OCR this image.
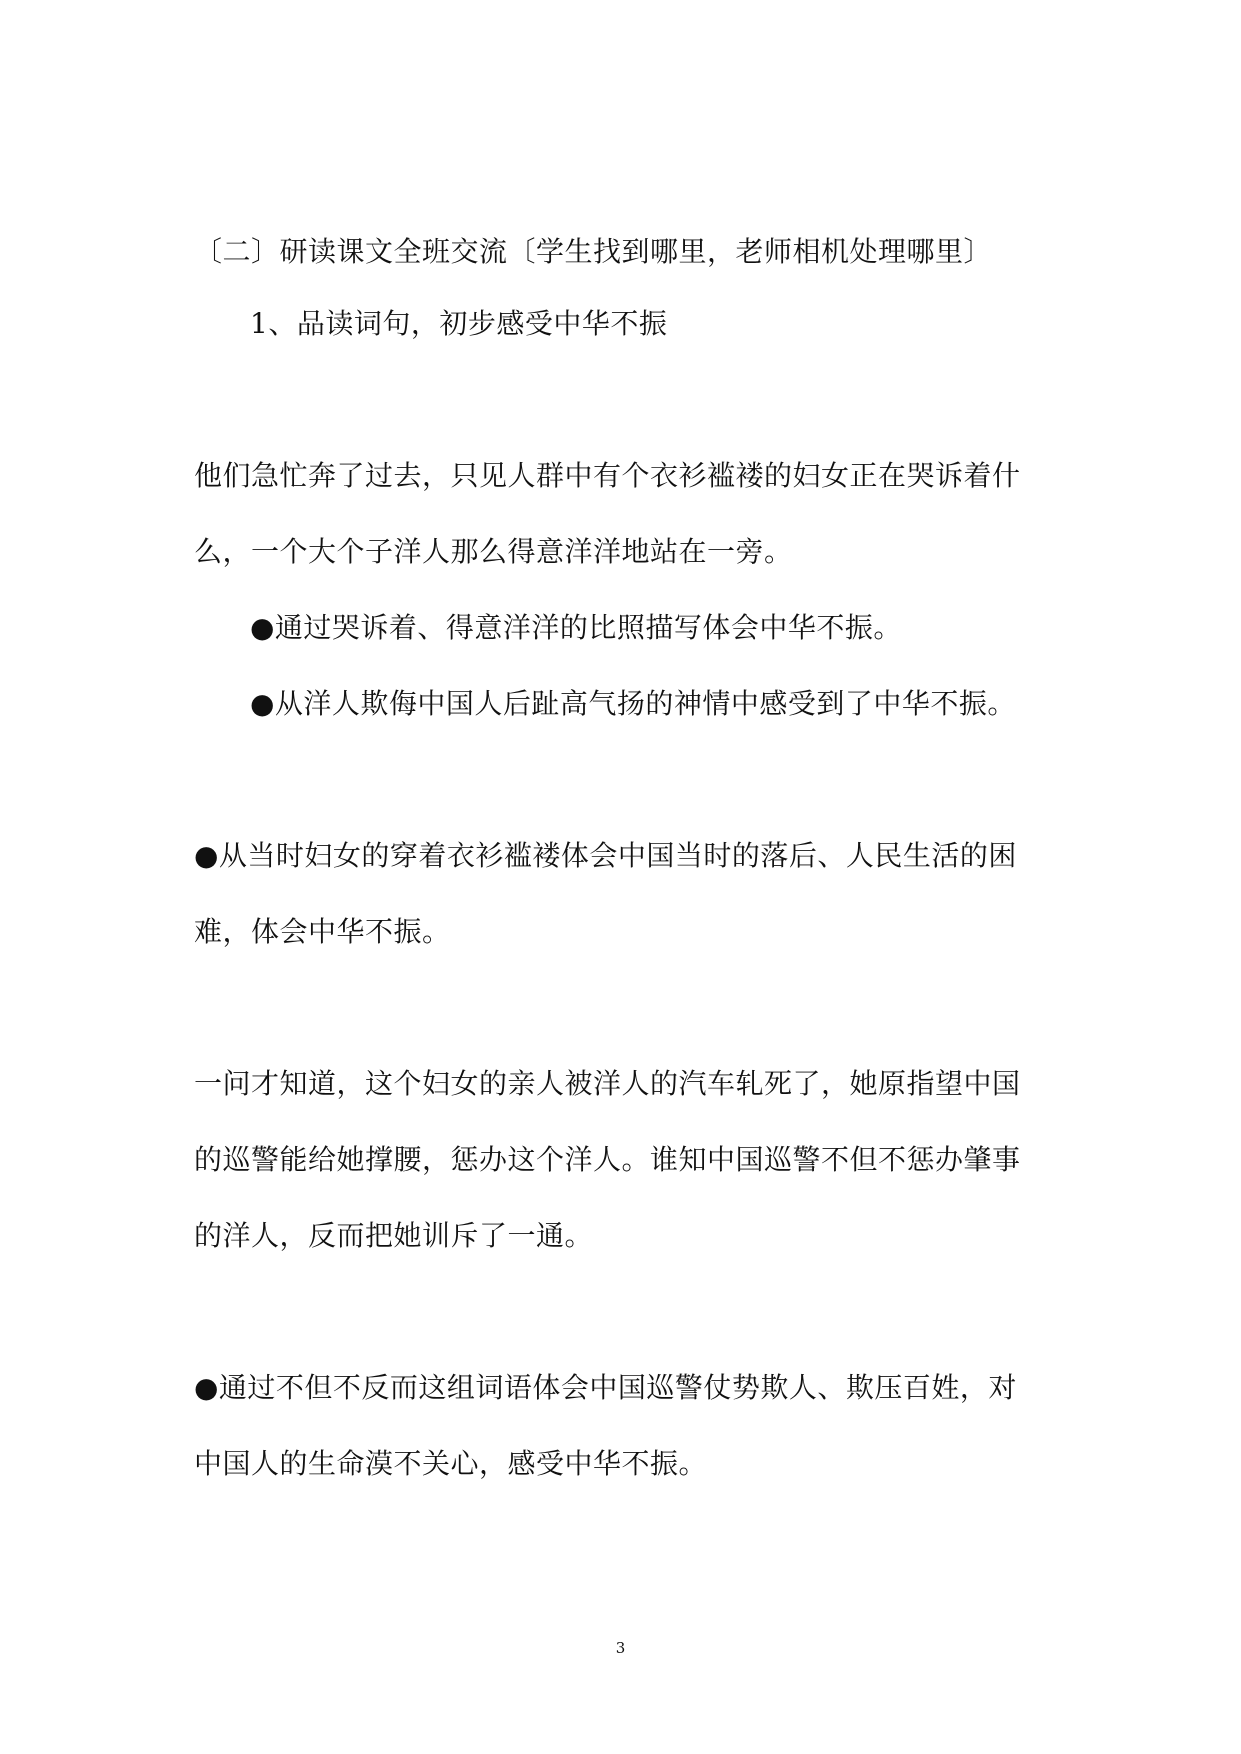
〔二〕研读课文全班交流〔学生找到哪里，老师相机处理哪里〕
1、品读词句，初步感受中华不振
他们急忙奔了过去，只见人群中有个衣衫褴褛的妇女正在哭诉着什
么，一个大个子洋人那么得意洋洋地站在一旁。
●通过哭诉着、得意洋洋的比照描写体会中华不振。
●从洋人欺侮中国人后趾高气扬的神情中感受到了中华不振。
●从当时妇女的穿着衣衫褴褛体会中国当时的落后、人民生活的困
难，体会中华不振。
一问才知道，这个妇女的亲人被洋人的汽车轧死了，她原指望中国
的巡警能给她撑腰，惩办这个洋人。谁知中国巡警不但不惩办肇事
的洋人，反而把她训斥了一通。
●通过不但不反而这组词语体会中国巡警仗势欺人、欺压百姓，对
中国人的生命漠不关心，感受中华不振。
3
